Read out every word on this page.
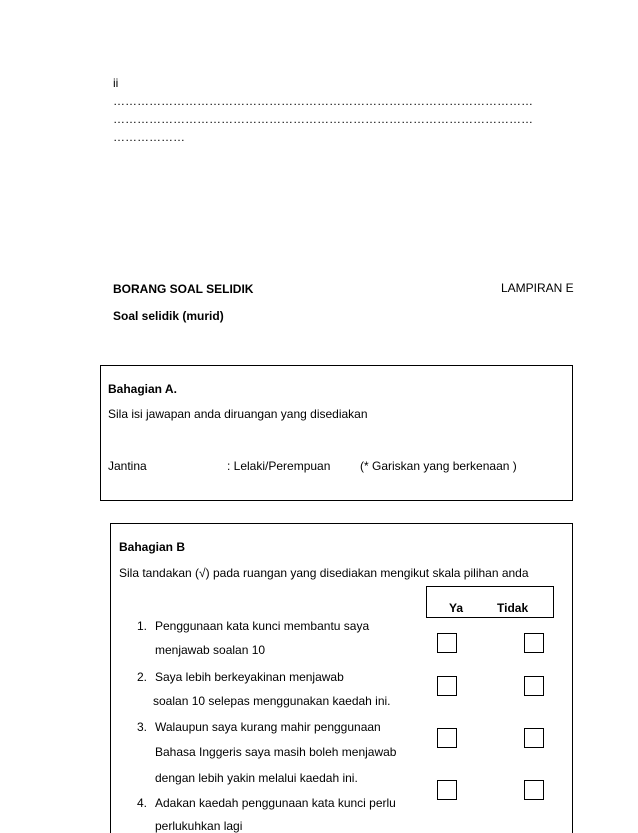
ii
……………………………………………………………………………………………
……………………………………………………………………………………………
………………
BORANG SOAL SELIDIK	LAMPIRAN E
Soal selidik (murid)
Bahagian A.
Sila isi jawapan anda diruangan yang disediakan
Jantina	: Lelaki/Perempuan (* Gariskan yang berkenaan )
Bahagian B
Sila tandakan (√) pada ruangan yang disediakan mengikut skala pilihan anda
Ya	Tidak
1. Penggunaan kata kunci membantu saya
menjawab soalan 10
2. Saya lebih berkeyakinan menjawab
soalan 10 selepas menggunakan kaedah ini.
3. Walaupun saya kurang mahir penggunaan
Bahasa Inggeris saya masih boleh menjawab
dengan lebih yakin melalui kaedah ini.
4. Adakan kaedah penggunaan kata kunci perlu
perlukuhkan lagi
